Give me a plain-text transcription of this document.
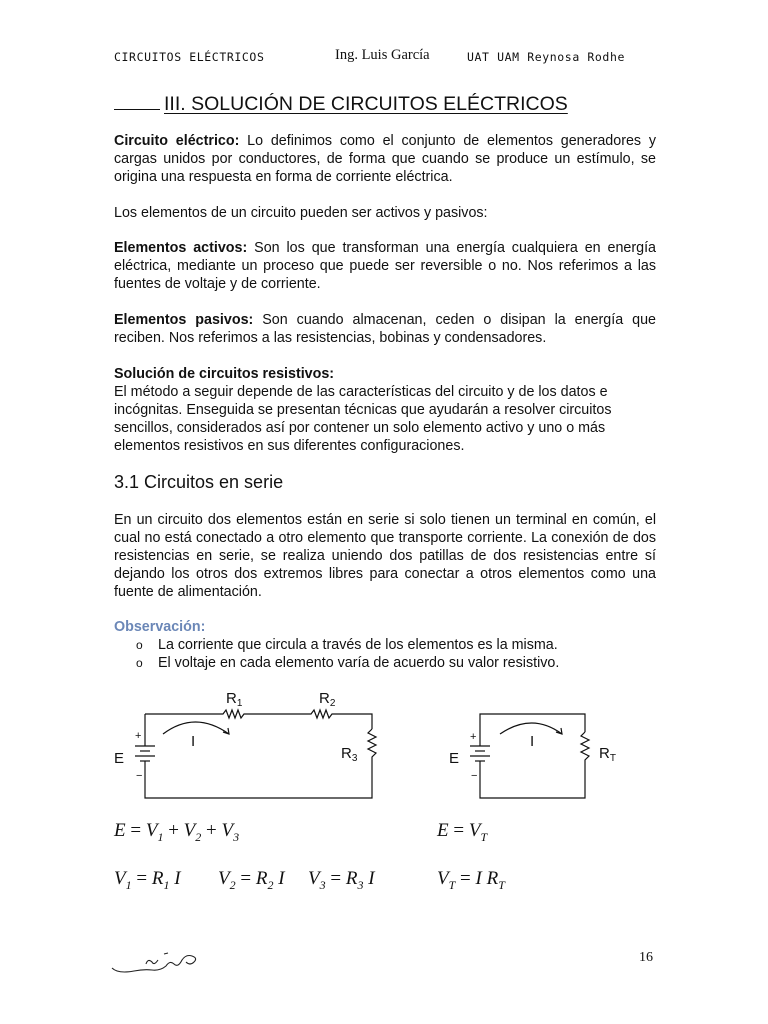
CIRCUITOS ELÉCTRICOS	Ing. Luis García	UAT UAM Reynosa Rodhe
III. SOLUCIÓN DE CIRCUITOS ELÉCTRICOS

Circuito eléctrico: Lo definimos como el conjunto de elementos generadores y cargas unidos por conductores, de forma que cuando se produce un estímulo, se origina una respuesta en forma de corriente eléctrica.

Los elementos de un circuito pueden ser activos y pasivos:

Elementos activos: Son los que transforman una energía cualquiera en energía eléctrica, mediante un proceso que puede ser reversible o no. Nos referimos a las fuentes de voltaje y de corriente.

Elementos pasivos: Son cuando almacenan, ceden o disipan la energía que reciben. Nos referimos a las resistencias, bobinas y condensadores.

Solución de circuitos resistivos:

El método a seguir depende de las características del circuito y de los datos e incógnitas. Enseguida se presentan técnicas que ayudarán a resolver circuitos sencillos, considerados así por contener un solo elemento activo y uno o más elementos resistivos en sus diferentes configuraciones.

3.1 Circuitos en serie

En un circuito dos elementos están en serie si solo tienen un terminal en común, el cual no está conectado a otro elemento que transporte corriente. La conexión de dos resistencias en serie, se realiza uniendo dos patillas de dos resistencias entre sí dejando los otros dos extremos libres para conectar a otros elementos como una fuente de alimentación.

Observación:
o La corriente que circula a través de los elementos es la misma.
o El voltaje en cada elemento varía de acuerdo su valor resistivo.
+
−
E
I
$R_1$	$R_2$
$R_3$
+
−
E
I
$R_T$
$E = V_1 + V_2 + V_3$	$E = V_T$
$V_1 = R_1$ I $V_2 = R_2$ I $V_3 = R_3$ I	$V_T = I$ $R_T$
16
